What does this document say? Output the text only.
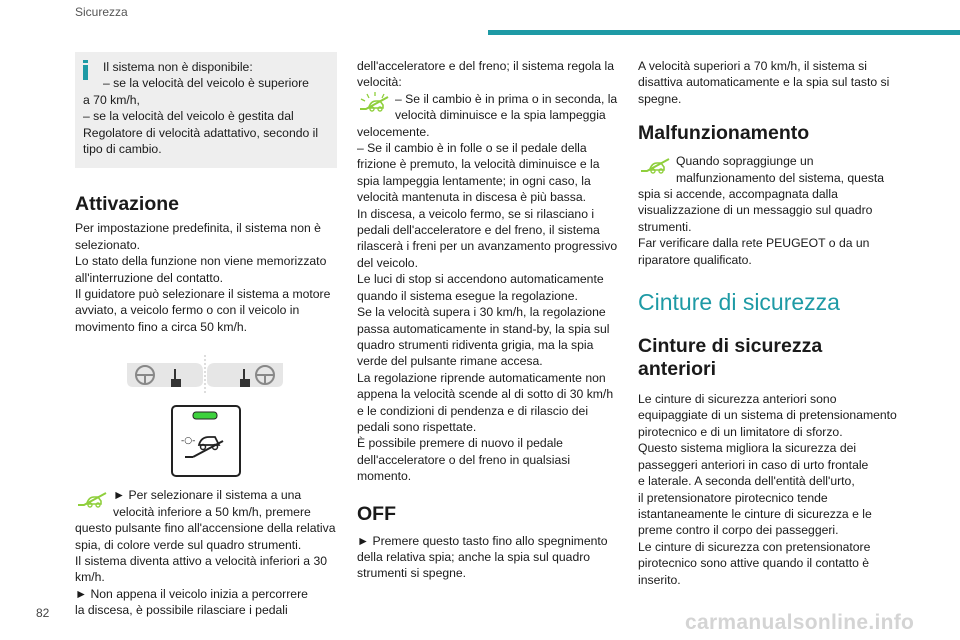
Sicurezza

Il sistema non è disponibile:

– se la velocità del veicolo è superiore

a 70 km/h,

– se la velocità del veicolo è gestita dal

Regolatore di velocità adattativo, secondo il

tipo di cambio.

Attivazione

Per impostazione predefinita, il sistema non è

selezionato.

Lo stato della funzione non viene memorizzato

all'interruzione del contatto.

Il guidatore può selezionare il sistema a motore

avviato, a veicolo fermo o con il veicolo in

movimento fino a circa 50 km/h.

-○-

► Per selezionare il sistema a una

velocità inferiore a 50 km/h, premere

questo pulsante fino all'accensione della relativa

spia, di colore verde sul quadro strumenti.

Il sistema diventa attivo a velocità inferiori a 30

km/h.

► Non appena il veicolo inizia a percorrere

la discesa, è possibile rilasciare i pedali

dell'acceleratore e del freno; il sistema regola la

velocità:

– Se il cambio è in prima o in seconda, la

velocità diminuisce e la spia lampeggia

velocemente.

– Se il cambio è in folle o se il pedale della

frizione è premuto, la velocità diminuisce e la

spia lampeggia lentamente; in ogni caso, la

velocità mantenuta in discesa è più bassa.

In discesa, a veicolo fermo, se si rilasciano i

pedali dell'acceleratore e del freno, il sistema

rilascerà i freni per un avanzamento progressivo

del veicolo.

Le luci di stop si accendono automaticamente

quando il sistema esegue la regolazione.

Se la velocità supera i 30 km/h, la regolazione

passa automaticamente in stand-by, la spia sul

quadro strumenti ridiventa grigia, ma la spia

verde del pulsante rimane accesa.

La regolazione riprende automaticamente non

appena la velocità scende al di sotto di 30 km/h

e le condizioni di pendenza e di rilascio dei

pedali sono rispettate.

È possibile premere di nuovo il pedale

dell'acceleratore o del freno in qualsiasi

momento.

OFF

► Premere questo tasto fino allo spegnimento

della relativa spia; anche la spia sul quadro

strumenti si spegne.

A velocità superiori a 70 km/h, il sistema si

disattiva automaticamente e la spia sul tasto si

spegne.

Malfunzionamento

Quando sopraggiunge un

malfunzionamento del sistema, questa

spia si accende, accompagnata dalla

visualizzazione di un messaggio sul quadro

strumenti.

Far verificare dalla rete PEUGEOT o da un

riparatore qualificato.

Cinture di sicurezza
Cinture di sicurezza
anteriori

Le cinture di sicurezza anteriori sono

equipaggiate di un sistema di pretensionamento

pirotecnico e di un limitatore di sforzo.

Questo sistema migliora la sicurezza dei

passeggeri anteriori in caso di urto frontale

e laterale. A seconda dell'entità dell'urto,

il pretensionatore pirotecnico tende

istantaneamente le cinture di sicurezza e le

preme contro il corpo dei passeggeri.

Le cinture di sicurezza con pretensionatore

pirotecnico sono attive quando il contatto è

inserito.

82	carmanualsonline.info
